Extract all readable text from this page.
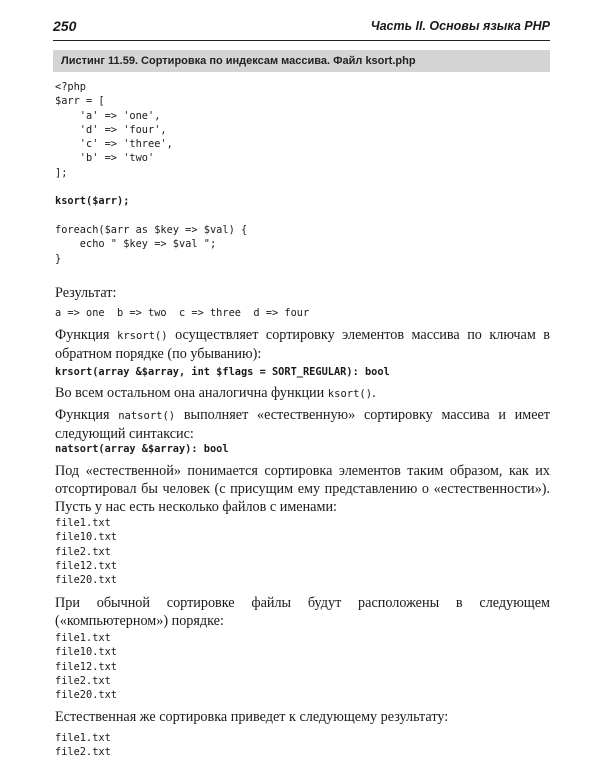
250	Часть II. Основы языка PHP
Листинг 11.59. Сортировка по индексам массива. Файл ksort.php
<?php
$arr = [
'a' => 'one',
'd' => 'four',
'c' => 'three',
'b' => 'two'
];

ksort($arr);

foreach($arr as $key => $val) {
echo " $key => $val ";
}
Результат:
a => one  b => two  c => three  d => four
Функция krsort() осуществляет сортировку элементов массива по ключам в обратном порядке (по убыванию):
krsort(array &$array, int $flags = SORT_REGULAR): bool
Во всем остальном она аналогична функции ksort().
Функция natsort() выполняет «естественную» сортировку массива и имеет следующий синтаксис:
natsort(array &$array): bool
Под «естественной» понимается сортировка элементов таким образом, как их отсортировал бы человек (с присущим ему представлению о «естественности»). Пусть у нас есть несколько файлов с именами:
file1.txt
file10.txt
file2.txt
file12.txt
file20.txt
При обычной сортировке файлы будут расположены в следующем («компьютерном») порядке:
file1.txt
file10.txt
file12.txt
file2.txt
file20.txt
Естественная же сортировка приведет к следующему результату:
file1.txt
file2.txt
